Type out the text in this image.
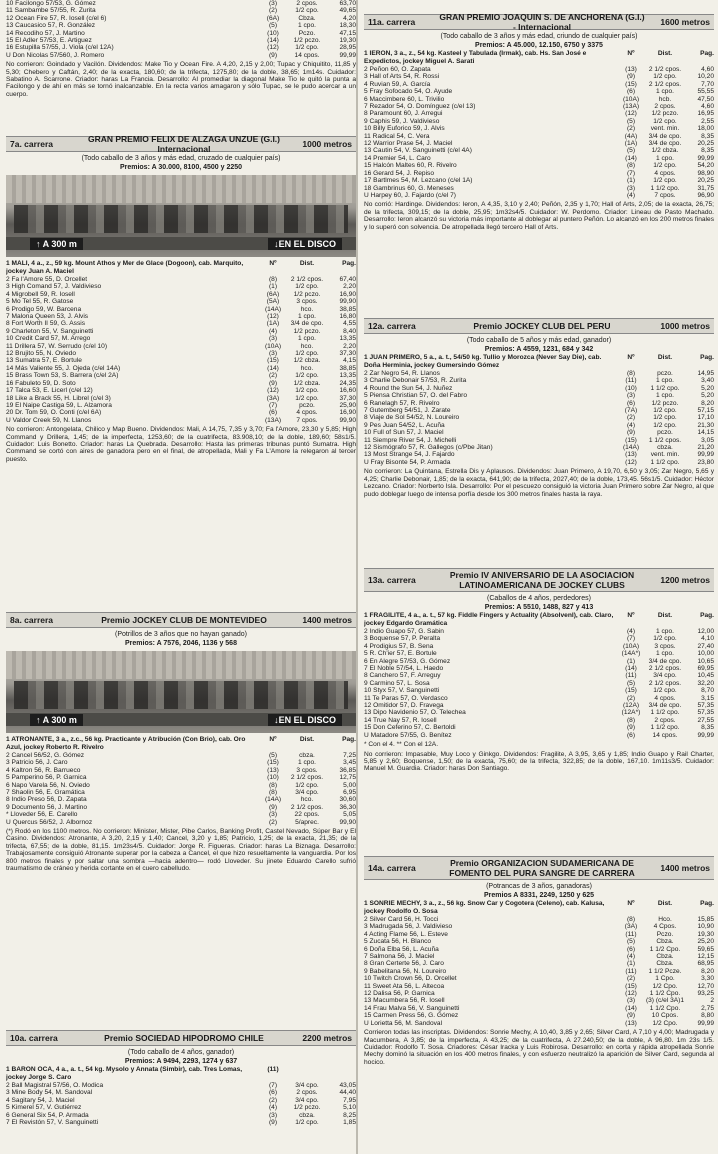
10 Facilongo 57/53, G. Gómez	(3)	2 cpos.	63,70
11 Sambambe 57/55, R. Zurita	(2)	1/2 cpo.	49,65
12 Ocean Fire 57, R. Iosell (c/el 6)	(6A)	Cbza.	4,20
13 Caucasico 57, R. González	(5)	1 cpo.	18,30
14 Recodiho 57, J. Martino	(10)	Pczo.	47,15
15 El Adler 57/53, E. Artiguez	(14)	1/2 pczo.	19,30
16 Estupilla 57/55, J. Viola (c/el 12A)	(12)	1/2 cpo.	28,95
U Don Nicolas 57/560, J. Romero	(9)	14 cpos.	99,99
No corrieron: Goindado y Vacilón. Dividendos: Make Tio y Ocean Fire. A 4,20, 2,15 y 2,00; Tupac y Chiquitito, 11,85 y 5,30; Chebero y Caftán, 2,40; de la exacta, 180,60; de la trifecta, 1275,80; de la doble, 38,65; 1m14s. Cuidador: Sabatino A. Scarrone. Criador: haras La Francia. Desarrollo: Al promediar la diagonal Make Tio le quitó la punta a Facilongo y de ahí en más se tornó inalcanzable. En la recta varios amagaron y sólo Tupac, se le pudo acercar a un cuerpo.
7a. carrera	GRAN PREMIO FELIX DE ALZAGA UNZUE (G.I.) Internacional	1000 metros
(Todo caballo de 3 años y más edad, cruzado de cualquier país)
Premios: A 30.000, 8100, 4500 y 2250
↑ A 300 m	↓EN EL DISCO
1 MALI, 4 a., z., 59 kg. Mount Athos y Mer de Glace (Dogoon), cab. Marquito, jockey Juan A. Maciel
Nº	Dist.	Pag.
2 Fa l'Amore 55, D. Orcellet	(8)	2 1/2 cpos.	67,40
3 High Comand 57, J. Valdivieso	(1)	1/2 cpo.	2,20
4 Migrobell 59, R. Iosell	(6A)	1/2 pczo.	16,90
5 Mo Tel 55, R. Gatose	(5A)	3 cpos.	99,90
6 Prodigo 59, W. Barcena	(14A)	hco.	38,85
7 Malona Queen 53, J. Alvis	(12)	1 cpo.	16,80
8 Fort Worth II 59, G. Assis	(1A)	3/4 de cpo.	4,55
9 Charleton 55, V. Sanguinetti	(4)	1/2 pczo.	8,40
10 Credit Card 57, M. Arrego	(3)	1 cpo.	13,35
11 Drillera 57, W. Serrudo (c/el 10)	(10A)	hco.	2,20
12 Brujito 55, N. Oviedo	(3)	1/2 cpo.	37,30
13 Sumatra 57, E. Bortule	(15)	1/2 cbza.	4,15
14 Más Valiente 55, J. Ojeda (c/el 14A)	(14)	hco.	38,85
15 Brass Town 53, S. Barrera (c/el 2A)	(2)	1/2 cpo.	13,35
16 Fabuleto 59, D. Soto	(9)	1/2 cbza.	24,35
17 Talca 53, E. Licerl (c/el 12)	(12)	1/2 cpo.	16,60
18 Like a Brack 55, H. Librel (c/el 3)	(3A)	1/2 cpo.	37,30
19 El Naipe Castiga 59, L. Alzamora	(7)	pczo.	25,90
20 Dr. Tom 59, O. Conti (c/el 6A)	(6)	4 cpos.	16,90
U Valdor Creek 59, N. Llanos	(13A)	7 cpos.	99,90
No corrieron: Antongelata, Chilico y Map Bueno. Dividendos: Mali, A 14,75, 7,35 y 3,70; Fa l'Amore, 23,30 y 5,85; High Command y Drillera, 1,45; de la imperfecta, 1253,60; de la cuatrifecta, 83.908,10; de la doble, 189,60; 58s1/5. Cuidador: Luis Bonetto. Criador: haras La Quebrada. Desarrollo: Hasta las primeras tribunas puntó Sumatra. High Command se cortó con aires de ganadora pero en el final, de atropellada, Mali y Fa L'Amore la relegaron al tercer puesto.
8a. carrera	Premio JOCKEY CLUB DE MONTEVIDEO	1400 metros
(Potrillos de 3 años que no hayan ganado)
Premios: A 7576, 2046, 1136 y 568
↑ A 300 m	↓EN EL DISCO
1 ATRONANTE, 3 a., z.c., 56 kg. Practicante y Atribución (Con Brio), cab. Oro Azul, jockey Roberto R. Rivelro
Nº	Dist.	Pag.
2 Cancel 56/52, G. Gómez	(5)	cbza.	7,25
3 Patricio 56, J. Caro	(15)	1 cpo.	3,45
4 Kaltron 56, R. Barrueco	(13)	3 cpos.	36,85
5 Pamperino 56, P. Garnica	(10)	2 1/2 cpos.	12,75
6 Napo Varela 56, N. Oviedo	(8)	1/2 cpo.	5,00
7 Shaolin 56, E. Gramática	(8)	3/4 cpo.	6,95
8 Indio Preso 56, D. Zapata	(14A)	hco.	30,60
9 Documento 56, J. Martino	(9)	2 1/2 cpos.	36,30
* Lloveder 56, E. Carello	(3)	22 cpos.	5,05
U Quercus 56/52, J. Albornoz	(2)	5/aprec.	99,90
(*) Rodó en los 1100 metros. No corrieron: Minister, Mister, Pibe Carlos, Banking Profit, Castel Nevado, Súper Bar y El Casino. Dividendos: Atronante, A 3,20, 2,15 y 1,40; Cancel, 3,20 y 1,85; Patricio, 1,25; de la exacta, 21,35; de la trifecta, 67,55; de la doble, 81,15. 1m23s4/5. Cuidador: Jorge R. Figueras. Criador: haras La Biznaga. Desarrollo: Trabajosamente consiguió Atronante superar por la cabeza a Cancel, el que hizo resueltamente la vanguardia. Por los 800 metros finales y por saltar una sombra —hacia adentro— rodó Lloveder. Su jinete Eduardo Carello sufrió traumatismo de cráneo y herida cortante en el cuero cabelludo.
10a. carrera	Premio SOCIEDAD HIPODROMO CHILE	2200 metros
(Todo caballo de 4 años, ganador)
Premios: A 9494, 2293, 1274 y 637
1 BARON OCA, 4 a., a. t., 54 kg. Mysolo y Annata (Simbir), cab. Tres Lomas, jockey Jorge S. Caro
(11)
2 Ball Magistral 57/56, O. Modica	(7)	3/4 cpo.	43,05
3 Mine Body 54, M. Sandoval	(6)	2 cpos.	44,40
4 Sagitary 54, J. Maciel	(2)	3/4 cpo.	7,95
5 Kimerel 57, V. Gutiérrez	(4)	1/2 pczo.	5,10
6 General Six 54, P. Armada	(3)	cbza.	8,25
7 El Revistón 57, V. Sanguinetti	(9)	1/2 cpo.	1,85
11a. carrera	GRAN PREMIO JOAQUIN S. DE ANCHORENA (G.I.) - Internacional	1600 metros
(Todo caballo de 3 años y más edad, criundo de cualquier país)
Premios: A 45.000, 12.150, 6750 y 3375
1 IERON, 3 a., z., 54 kg. Kasteel y Tabulada (Irmak), cab. Hs. San José e Expedictos, jockey Miguel A. Sarati
Nº	Dist.	Pag.
2 Peñon 60, O. Zapata	(13)	2 1/2 cpos.	4,60
3 Hall of Arts 54, R. Rossi	(9)	1/2 cpo.	10,20
4 Ruvian 59, A. García	(15)	2 1/2 cpos.	7,70
5 Fray Sofocado 54, O. Ayude	(6)	1 cpo.	55,55
6 Maccimbere 60, L. Trivilio	(10A)	hcb.	47,50
7 Rezador 54, O. Domínguez (c/el 13)	(13A)	2 cpos.	4,60
8 Paramount 60, J. Arregui	(12)	1/2 pczo.	16,95
9 Caphis 59, J. Valdivieso	(5)	1/2 cpo.	2,55
10 Billy Euforico 59, J. Alvis	(2)	vent. min.	18,00
11 Radical 54, C. Vera	(4A)	3/4 de cpo.	8,35
12 Warrior Prase 54, J. Maciel	(1A)	3/4 de cpo.	20,25
13 Cautin 54, V. Sanguinetti (c/el 4A)	(5)	1/2 cbza.	8,35
14 Premier 54, L. Caro	(14)	1 cpo.	99,99
15 Halcón Maltes 60, R. Rivelro	(8)	1/2 cpo.	54,20
16 Gerard 54, J. Repiso	(7)	4 cpos.	98,90
17 Bartlmes 54, M. Lezcano (c/el 1A)	(1)	1/2 cpo.	20,25
18 Gambrinus 60, G. Meneses	(3)	1 1/2 cpo.	31,75
U Harpey 60, J. Fajardo (c/el 7)	(4)	7 cpos.	96,90
No corrió: Hardinge. Dividendos: Ieron, A 4,35, 3,10 y 2,40; Peñón, 2,35 y 1,70; Hall of Arts, 2,05; de la exacta, 26,75; de la trifecta, 309,15; de la doble, 25,95; 1m32s4/5. Cuidador: W. Perdomo. Criador: Lineau de Pasto Machado. Desarrollo: Ieron alcanzó su victoria más importante al doblegar al puntero Peñón. Lo alcanzó en los 200 metros finales y lo superó con solvencia. De atropellada llegó tercero Hall of Arts.
12a. carrera	Premio JOCKEY CLUB DEL PERU	1000 metros
(Todo caballo de 5 años y más edad, ganador)
Premios: A 4559, 1231, 684 y 342
1 JUAN PRIMERO, 5 a., a. t., 54/50 kg. Tullio y Morozca (Never Say Die), cab. Doña Herminia, jockey Gumersindo Gómez
Nº	Dist.	Pag.
2 Zar Negro 54, R. Llanos	(8)	pczo.	14,95
3 Charlie Debonair 57/53, R. Zurita	(11)	1 cpo.	3,40
4 Round the Sun 54, J. Nuñez	(10)	1 1/2 cpo.	5,20
5 Piensa Christian 57, O. del Fabro	(3)	1 cpo.	5,20
6 Ranelagh 57, R. Rivelro	(6)	1/2 pczo.	8,20
7 Gutemberg 54/51, J. Zarate	(7A)	1/2 cpo.	57,15
8 Viaje de Sol 54/52, N. Loureiro	(2)	1/2 cpo.	17,10
9 Pes Juan 54/52, L. Acuña	(4)	1/2 cpo.	21,30
10 Full of Sun 57, J. Maciel	(9)	pczo.	14,15
11 Siempre River 54, J. Michelli	(15)	1 1/2 cpos.	3,05
12 Sismógrafo 57, R. Gallegos (c/Pbe Jitan)	(14A)	cbza.	21,20
13 Most Strange 54, J. Fajardo	(13)	vent. min.	99,99
U Fray Bisonte 54, P. Armada	(12)	1 1/2 cpo.	23,80
No corrieron: La Quintana, Estrella Dis y Aplausos. Dividendos: Juan Primero, A 19,70, 6,50 y 3,05; Zar Negro, 5,65 y 4,25; Charlie Debonair, 1,85; de la exacta, 641,90; de la trifecta, 2027,40; de la doble, 173,45. 56s1/5. Cuidador: Héctor Lezcano. Criador: Norberto Isla. Desarrollo: Por el pescuezo consiguió la victoria Juan Primero sobre Zar Negro, al que pudo doblegar luego de intensa porfía desde los 300 metros finales hasta la raya.
13a. carrera	Premio IV ANIVERSARIO DE LA ASOCIACION LATINOAMERICANA DE JOCKEY CLUBS	1200 metros
(Caballos de 4 años, perdedores)
Premios: A 5510, 1488, 827 y 413
1 FRAGILITE, 4 a., a. t., 57 kg. Fiddle Fingers y Actuality (Absolvenl), cab. Claro, jockey Edgardo Gramática
Nº	Dist.	Pag.
2 Indio Guapo 57, G. Sabin	(4)	1 cpo.	12,00
3 Boquense 57, P. Peralta	(7)	1/2 cpo.	4,10
4 Prodigius 57, B. Sena	(10A)	3 cpos.	27,40
5 R. Ch'ier 57, E. Bortule	(14A*)	1 cpo.	10,00
6 En Alegre 57/53, G. Gómez	(1)	3/4 de cpo.	10,65
7 El Noble 57/54, L. Haedo	(14)	2 1/2 cpos.	69,95
8 Canchero 57, F. Arreguy	(11)	3/4 cpo.	10,45
9 Carmino 57, L. Sosa	(5)	2 1/2 cpos.	32,20
10 Styx 57, V. Sanguinetti	(15)	1/2 cpo.	8,70
11 Te Paras 57, O. Verdasco	(2)	4 cpos.	3,15
12 Omitidor 57, D. Fravega	(12A)	3/4 de cpo.	57,35
13 Dipo Navidenio 57, O. Telechea	(12A*)	1 1/2 cpo.	57,35
14 True Nay 57, R. Iosell	(8)	2 cpos.	27,55
15 Don Ceferino 57, C. Bertoldi	(9)	1 1/2 cpo.	8,35
U Matadore 57/55, G. Benítez	(6)	14 cpos.	99,99
* Con el 4. ** Con el 12A.
No corrieron: Impasable, Muy Loco y Ginkgo. Dividendos: Fragilite, A 3,95, 3,65 y 1,85; Indio Guapo y Rail Charter, 5,85 y 2,60; Boquense, 1,50; de la exacta, 75,60; de la trifecta, 322,85; de la doble, 167,10. 1m11s3/5. Cuidador: Manuel M. Guardia. Criador: haras Don Santiago.
14a. carrera	Premio ORGANIZACION SUDAMERICANA DE FOMENTO DEL PURA SANGRE DE CARRERA	1400 metros
(Potrancas de 3 años, ganadoras)
Premios A 8331, 2249, 1250 y 625
1 SONRIE MECHY, 3 a., z., 56 kg. Snow Car y Cogotera (Celeno), cab. Kalusa, jockey Rodolfo O. Sosa
Nº	Dist.	Pag.
2 Silver Card 56, H. Tocci	(8)	Hco.	15,85
3 Madrugada 56, J. Valdivieso	(3A)	4 Cpos.	10,90
4 Acting Flame 56, L. Esteve	(11)	Pczo.	19,30
5 Zucata 56, H. Blanco	(5)	Cbza.	25,20
6 Doña Elba 56, L. Acuña	(6)	1 1/2 Cpo.	59,65
7 Salmona 56, J. Maciel	(4)	Cbza.	12,15
8 Gran Certerte 56, J. Caro	(1)	Cbza.	68,95
9 Babelitana 56, N. Loureiro	(11)	1 1/2 Pcze.	8,20
10 Twitch Crown 56, D. Orcellet	(2)	1 Cpo.	3,30
11 Sweet Ata 56, L. Altecoa	(15)	1/2 Cpo.	12,70
12 Dalisa 56, P. Garnica	(12)	1 1/2 Cpo.	93,25
13 Macumbera 56, R. Iosell	(3)	(3) (c/el 3A)1	2
14 Frau Malva 56, V. Sanguinetti	(14)	1 1/2 Cpo.	2,75
15 Carmen Press 56, G. Gómez	(9)	10 Cpos.	8,80
U Lorietta 56, M. Sandoval	(13)	1/2 Cpo.	99,99
Corrieron todas las inscriptas. Dividendos: Sonrie Mechy, A 10,40, 3,85 y 2,65; Silver Card, A 7,10 y 4,00; Madrugada y Macumbera, A 3,85; de la imperfecta, A 43,25; de la cuatrifecta, A 27.240,50; de la doble, A 96,80. 1m 23s 1/5. Cuidador: Rodolfo T. Sosa. Criadores: César Iracka y Luis Robirosa. Desarrollo: en corta y rápida atropellada Sonrie Mechy dominó la situación en los 400 metros finales, y con esfuerzo neutralizó la aparición de Silver Card, segunda al hocico.
